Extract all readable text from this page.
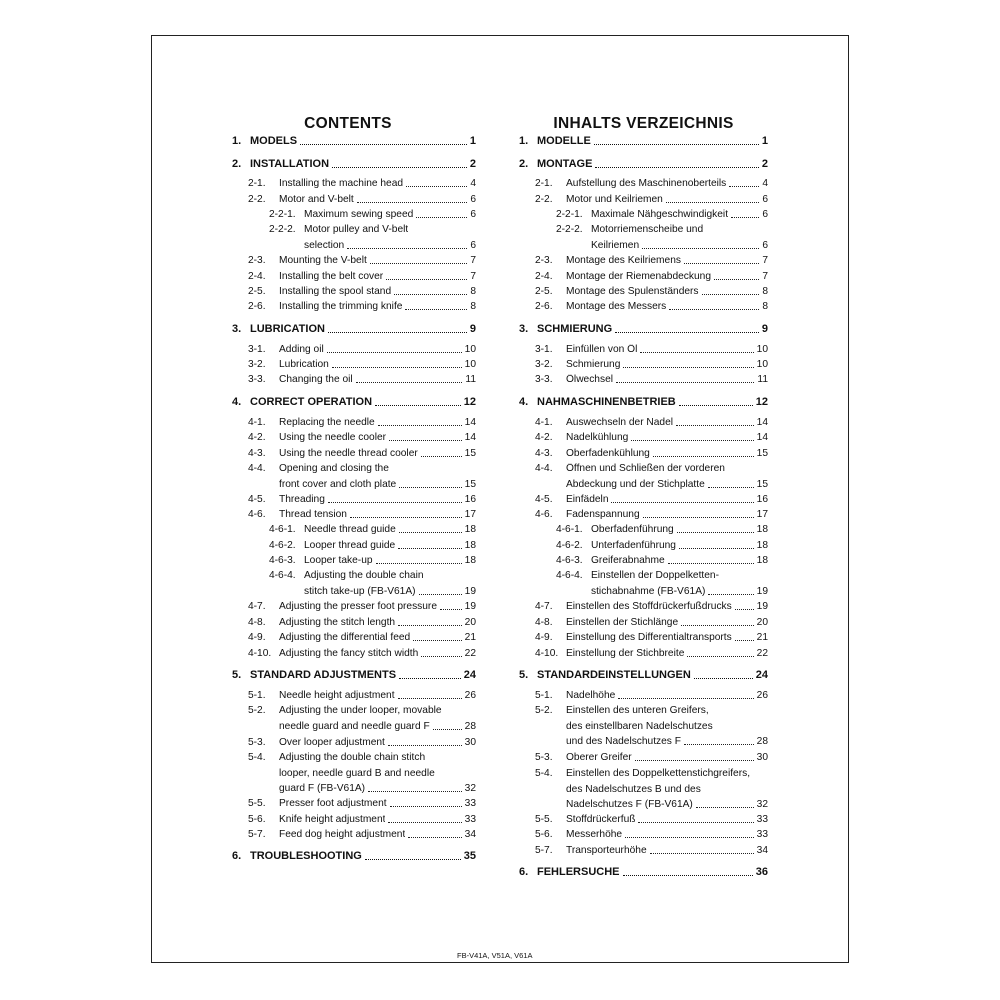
CONTENTS
1. MODELS	1
2. INSTALLATION	2
2-1.	Installing the machine head	4
2-2.	Motor and V-belt	6
2-2-1. Maximum sewing speed	6
2-2-2. Motor pulley and V-belt
selection	6
2-3.	Mounting the V-belt	7
2-4.	Installing the belt cover	7
2-5.	Installing the spool stand	8
2-6.	Installing the trimming knife	8
3. LUBRICATION	9
3-1.	Adding oil	10
3-2.	Lubrication	10
3-3.	Changing the oil	11
4. CORRECT OPERATION	12
4-1.	Replacing the needle	14
4-2.	Using the needle cooler	14
4-3.	Using the needle thread cooler	15
4-4.	Opening and closing the
front cover and cloth plate	15
4-5.	Threading	16
4-6.	Thread tension	17
4-6-1. Needle thread guide	18
4-6-2. Looper thread guide	18
4-6-3. Looper take-up	18
4-6-4. Adjusting the double chain
stitch take-up (FB-V61A)	19
4-7.	Adjusting the presser foot pressure	19
4-8.	Adjusting the stitch length	20
4-9.	Adjusting the differential feed	21
4-10. Adjusting the fancy stitch width	22
5. STANDARD ADJUSTMENTS	24
5-1.	Needle height adjustment	26
5-2.	Adjusting the under looper, movable
needle guard and needle guard F	28
5-3.	Over looper adjustment	30
5-4.	Adjusting the double chain stitch
looper, needle guard B and needle
guard F (FB-V61A)	32
5-5.	Presser foot adjustment	33
5-6.	Knife height adjustment	33
5-7.	Feed dog height adjustment	34
6. TROUBLESHOOTING	35
INHALTS VERZEICHNIS
1. MODELLE	1
2. MONTAGE	2
2-1.	Aufstellung des Maschinenoberteils	4
2-2.	Motor und Keilriemen	6
2-2-1. Maximale Nähgeschwindigkeit	6
2-2-2. Motorriemenscheibe und
Keilriemen	6
2-3.	Montage des Keilriemens	7
2-4.	Montage der Riemenabdeckung	7
2-5.	Montage des Spulenständers	8
2-6.	Montage des Messers	8
3. SCHMIERUNG	9
3-1.	Einfüllen von Öl	10
3-2.	Schmierung	10
3-3.	Ölwechsel	11
4. NÄHMASCHINENBETRIEB	12
4-1.	Auswechseln der Nadel	14
4-2.	Nadelkühlung	14
4-3.	Oberfadenkühlung	15
4-4.	Öffnen und Schließen der vorderen
Abdeckung und der Stichplatte	15
4-5.	Einfädeln	16
4-6.	Fadenspannung	17
4-6-1. Oberfadenführung	18
4-6-2. Unterfadenführung	18
4-6-3. Greiferabnahme	18
4-6-4. Einstellen der Doppelketten-
stichabnahme (FB-V61A)	19
4-7.	Einstellen des Stoffdrückerfußdrucks 19
4-8.	Einstellen der Stichlänge	20
4-9.	Einstellung des Differentialtransports 21
4-10. Einstellung der Stichbreite	22
5. STANDARDEINSTELLUNGEN	24
5-1.	Nadelhöhe	26
5-2.	Einstellen des unteren Greifers,
des einstellbaren Nadelschutzes
und des Nadelschutzes F	28
5-3.	Oberer Greifer	30
5-4.	Einstellen des Doppelkettenstichgreifers,
des Nadelschutzes B und des
Nadelschutzes F (FB-V61A)	32
5-5.	Stoffdrückerfuß	33
5-6.	Messerhöhe	33
5-7.	Transporteurhöhe	34
6. FEHLERSUCHE	36
FB-V41A, V51A, V61A
